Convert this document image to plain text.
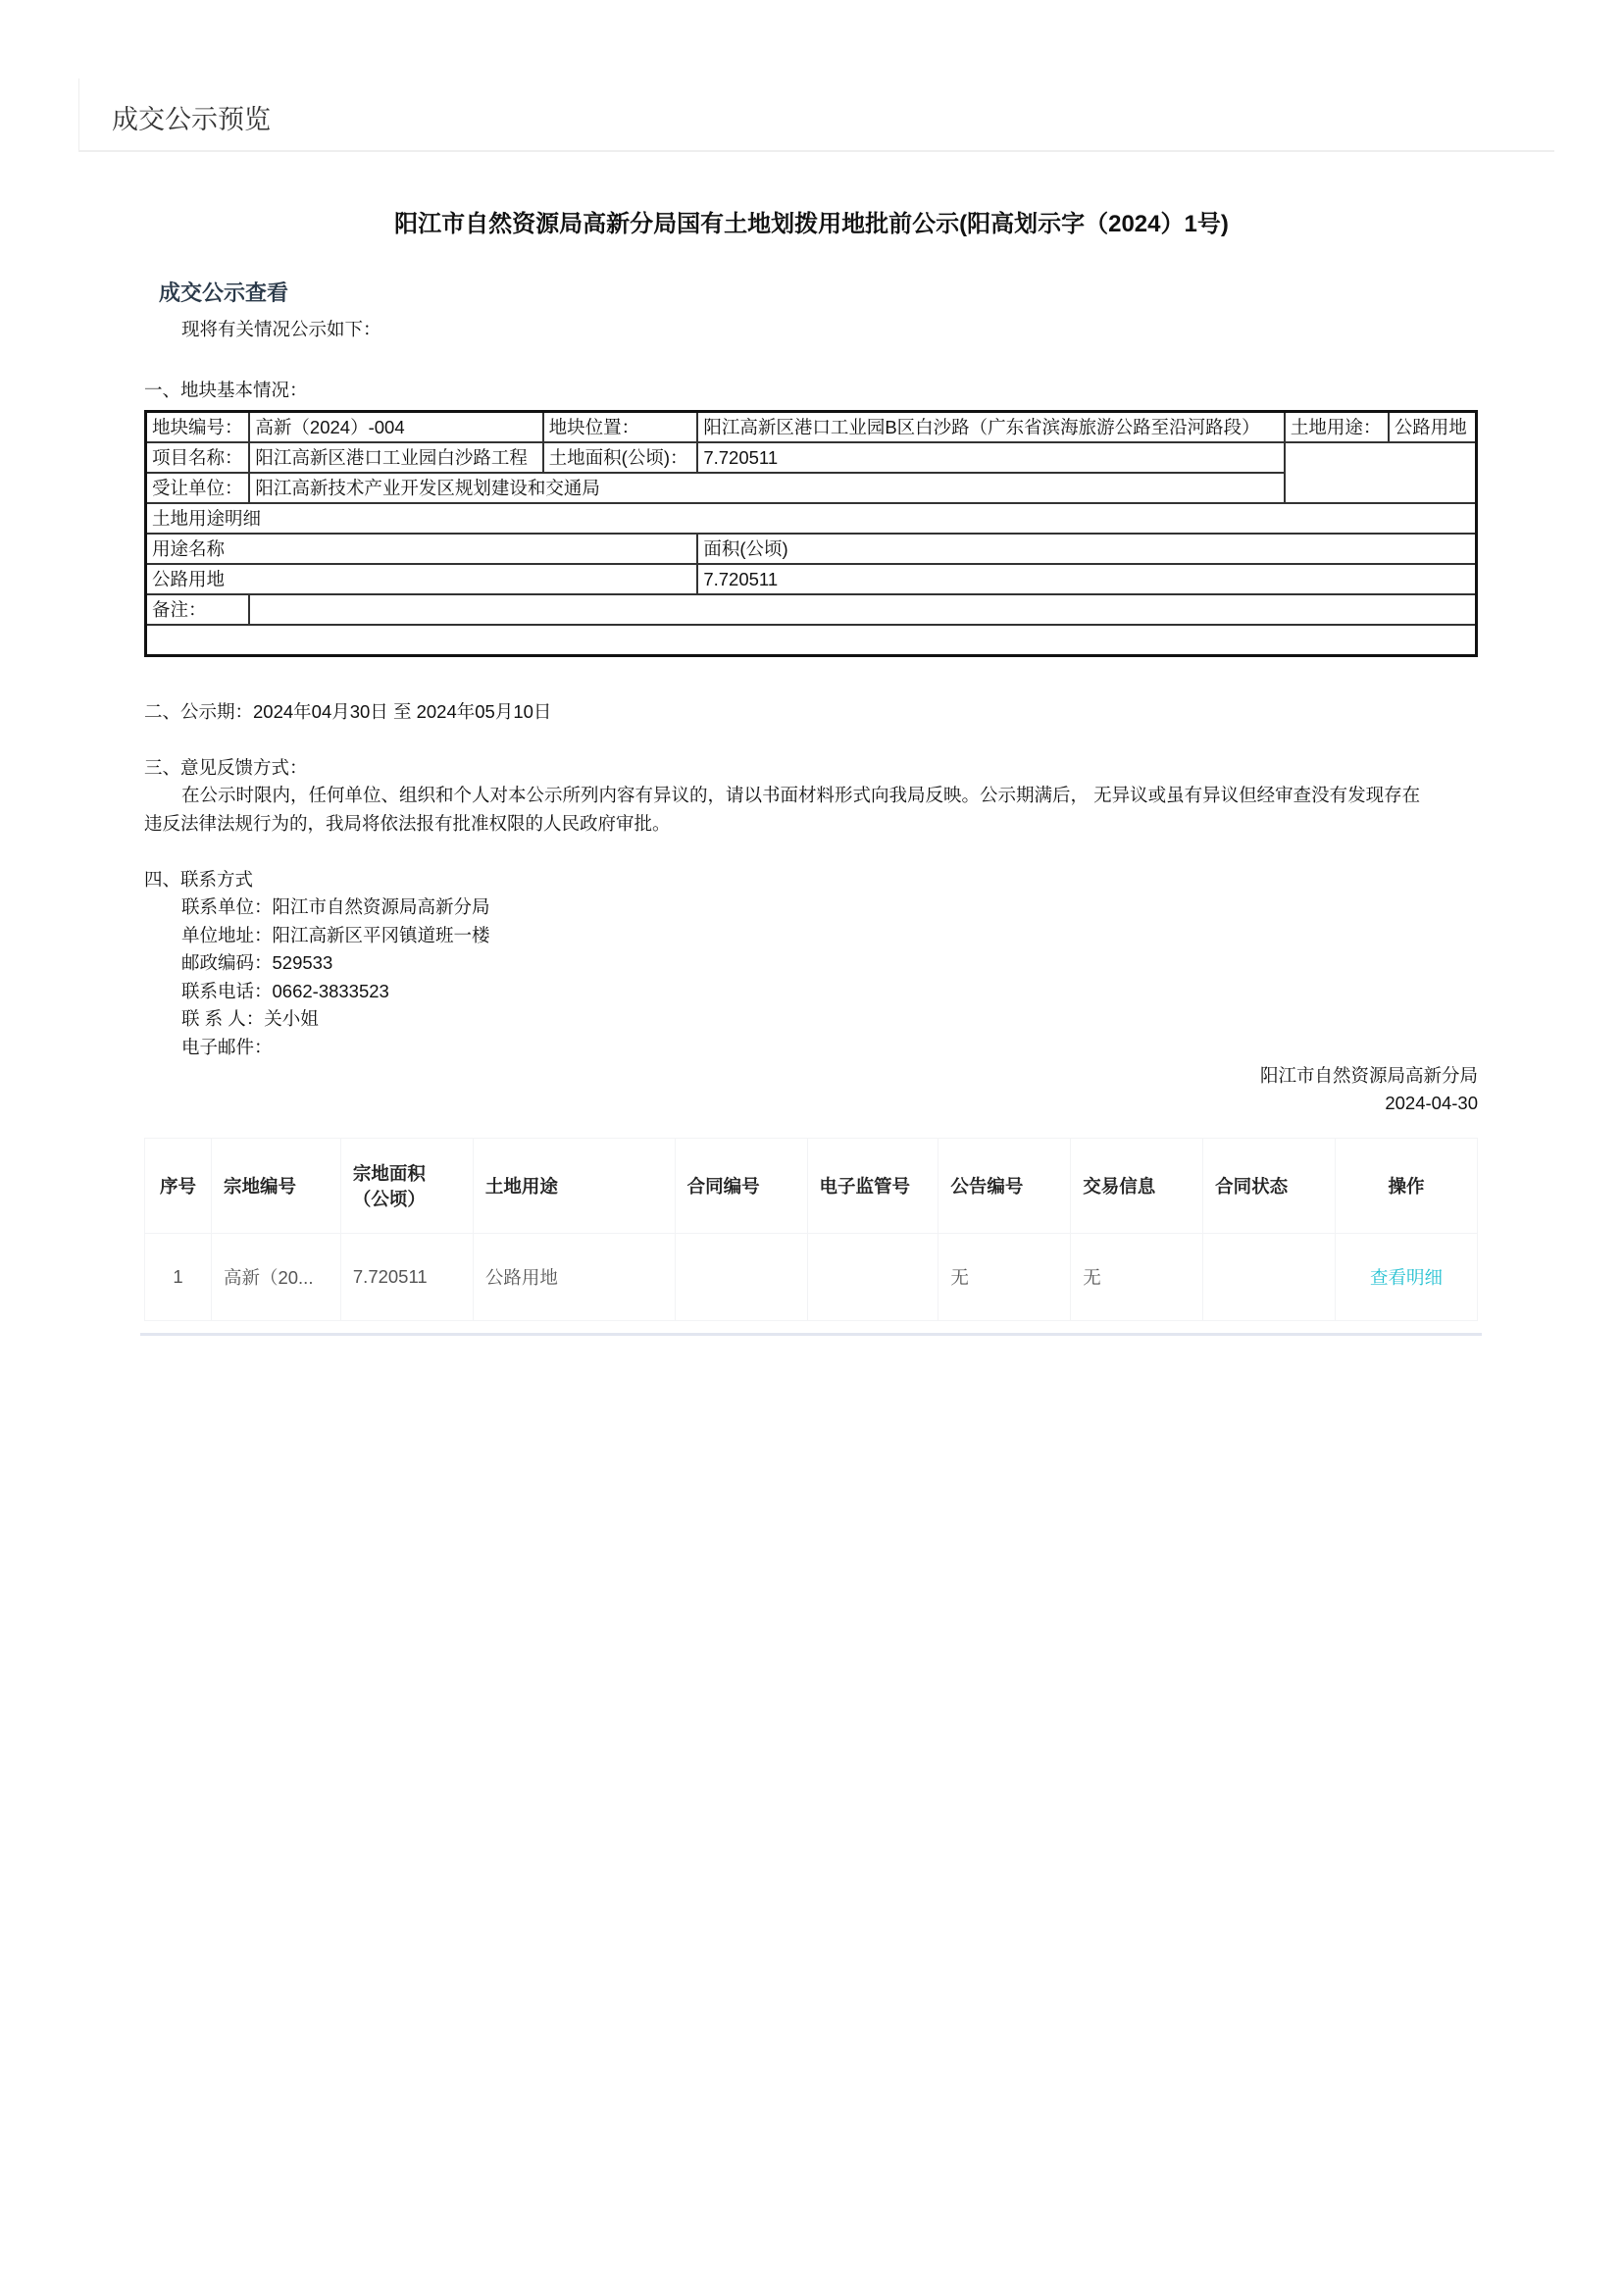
成交公示预览
阳江市自然资源局高新分局国有土地划拨用地批前公示(阳高划示字（2024）1号)
成交公示查看
现将有关情况公示如下：
一、地块基本情况：
地块编号：	高新（2024）-004	地块位置：	阳江高新区港口工业园B区白沙路（广东省滨海旅游公路至沿河路段）	土地用途：	公路用地
项目名称：	阳江高新区港口工业园白沙路工程	土地面积(公顷)：	7.720511		
受让单位：	阳江高新技术产业开发区规划建设和交通局				
土地用途明细					
用途名称			面积(公顷)		
公路用地			7.720511		
备注：					

二、公示期：2024年04月30日 至 2024年05月10日
三、意见反馈方式：
在公示时限内，任何单位、组织和个人对本公示所列内容有异议的，请以书面材料形式向我局反映。公示期满后， 无异议或虽有异议但经审查没有发现存在
违反法律法规行为的，我局将依法报有批准权限的人民政府审批。
四、联系方式
联系单位：阳江市自然资源局高新分局
单位地址：阳江高新区平冈镇道班一楼
邮政编码：529533
联系电话：0662-3833523
联 系 人：关小姐
电子邮件：
阳江市自然资源局高新分局
2024-04-30
序号	宗地编号	宗地面积
（公顷）	土地用途	合同编号	电子监管号	公告编号	交易信息	合同状态	操作
1	高新（20...	7.720511	公路用地			无	无		查看明细
